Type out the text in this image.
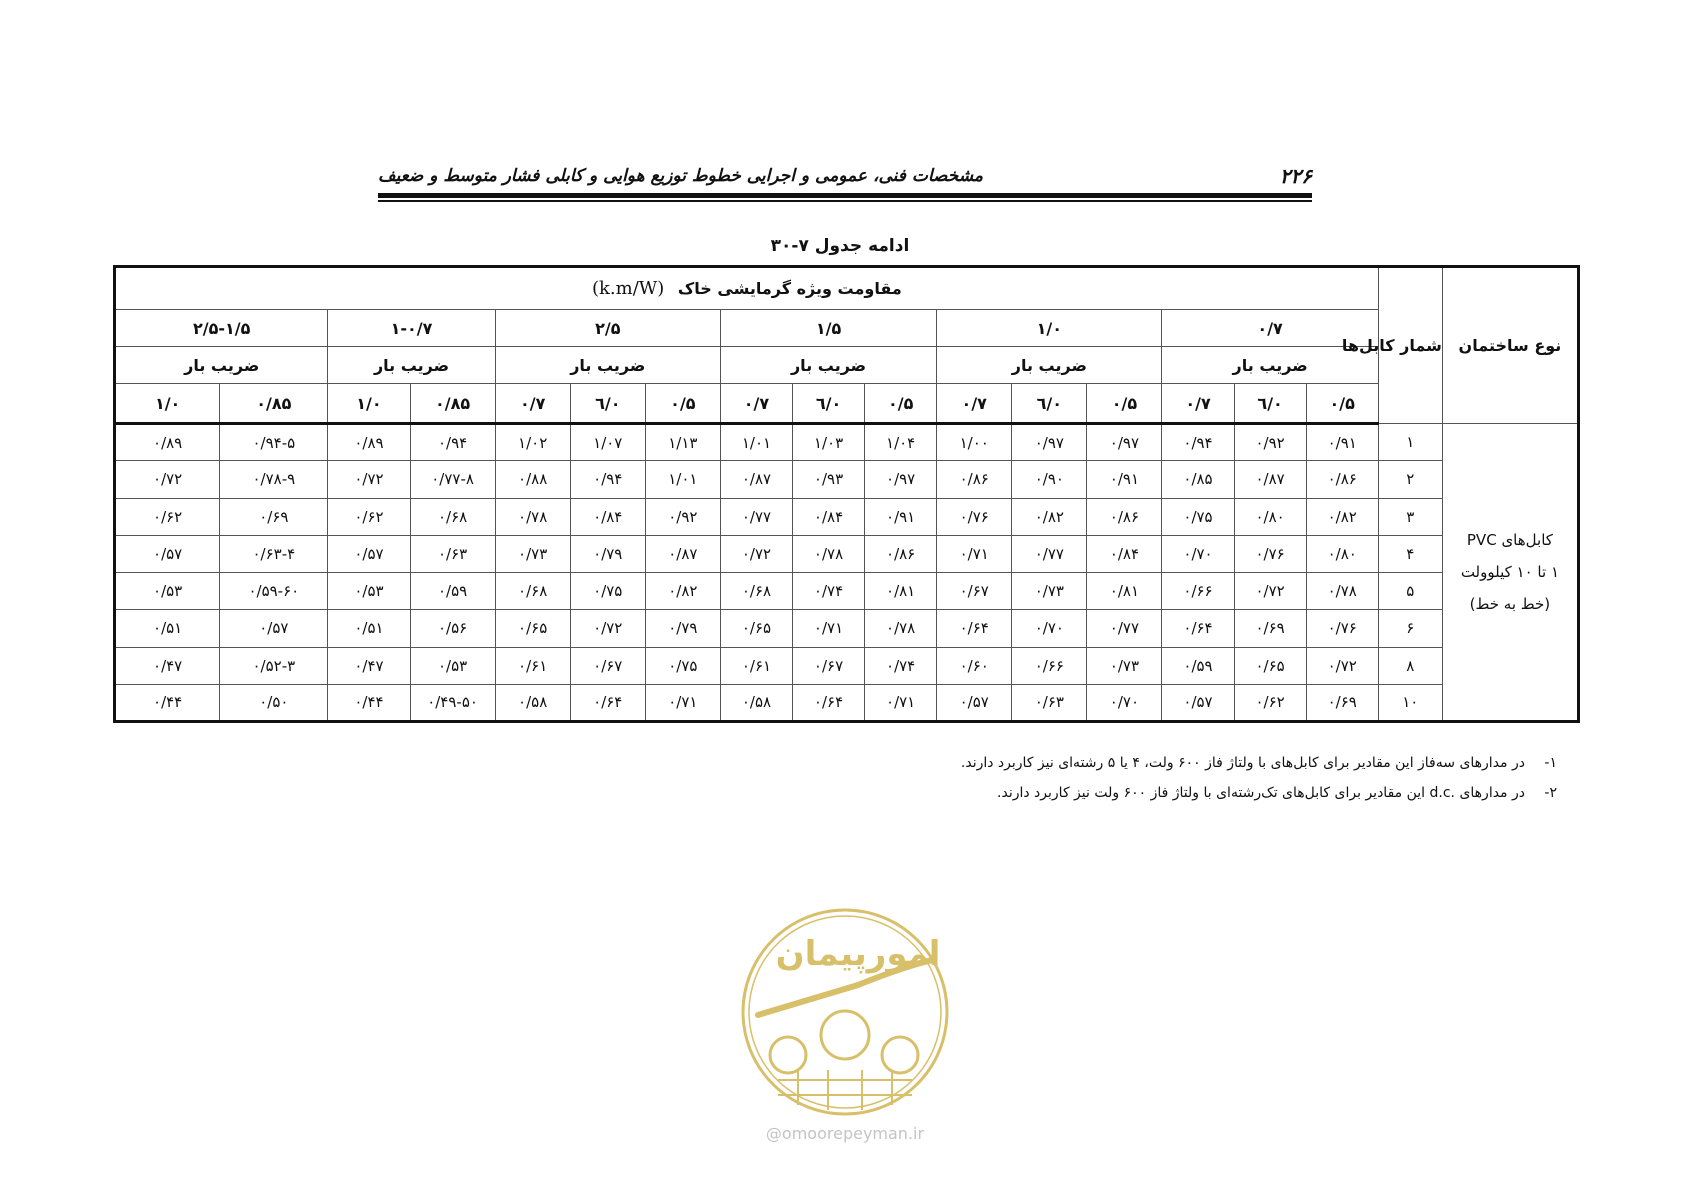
۲۲۶
مشخصات فنی، عمومی و اجرایی خطوط توزیع هوایی و کابلی فشار متوسط و ضعیف
ادامه جدول ۷-۳۰
نوع ساختمان	شمار کابل‌ها	مقاومت ویژه گرمایشی خاک (k.m/W)															
		۰/۷			۱/۰			۱/۵			۲/۵			۱-۰/۷		۲/۵-۱/۵	
		ضریب بار			ضریب بار			ضریب بار			ضریب بار			ضریب بار		ضریب بار	
		۰/۵	۰/٦	۰/۷	۰/۵	۰/٦	۰/۷	۰/۵	۰/٦	۰/۷	۰/۵	۰/٦	۰/۷	۰/۸۵	۱/۰	۰/۸۵	۱/۰

کابل‌های PVC
۱ تا ۱۰ کیلوولت
(خط به خط)	۱	۰/۹۱	۰/۹۲	۰/۹۴	۰/۹۷	۰/۹۷	۱/۰۰	۱/۰۴	۱/۰۳	۱/۰۱	۱/۱۳	۱/۰۷	۱/۰۲	۰/۹۴	۰/۸۹	۰/۹۴-۵	۰/۸۹
	۲	۰/۸۶	۰/۸۷	۰/۸۵	۰/۹۱	۰/۹۰	۰/۸۶	۰/۹۷	۰/۹۳	۰/۸۷	۱/۰۱	۰/۹۴	۰/۸۸	۰/۷۷-۸	۰/۷۲	۰/۷۸-۹	۰/۷۲
	۳	۰/۸۲	۰/۸۰	۰/۷۵	۰/۸۶	۰/۸۲	۰/۷۶	۰/۹۱	۰/۸۴	۰/۷۷	۰/۹۲	۰/۸۴	۰/۷۸	۰/۶۸	۰/۶۲	۰/۶۹	۰/۶۲
	۴	۰/۸۰	۰/۷۶	۰/۷۰	۰/۸۴	۰/۷۷	۰/۷۱	۰/۸۶	۰/۷۸	۰/۷۲	۰/۸۷	۰/۷۹	۰/۷۳	۰/۶۳	۰/۵۷	۰/۶۳-۴	۰/۵۷
	۵	۰/۷۸	۰/۷۲	۰/۶۶	۰/۸۱	۰/۷۳	۰/۶۷	۰/۸۱	۰/۷۴	۰/۶۸	۰/۸۲	۰/۷۵	۰/۶۸	۰/۵۹	۰/۵۳	۰/۵۹-۶۰	۰/۵۳
	۶	۰/۷۶	۰/۶۹	۰/۶۴	۰/۷۷	۰/۷۰	۰/۶۴	۰/۷۸	۰/۷۱	۰/۶۵	۰/۷۹	۰/۷۲	۰/۶۵	۰/۵۶	۰/۵۱	۰/۵۷	۰/۵۱
	۸	۰/۷۲	۰/۶۵	۰/۵۹	۰/۷۳	۰/۶۶	۰/۶۰	۰/۷۴	۰/۶۷	۰/۶۱	۰/۷۵	۰/۶۷	۰/۶۱	۰/۵۳	۰/۴۷	۰/۵۲-۳	۰/۴۷
	۱۰	۰/۶۹	۰/۶۲	۰/۵۷	۰/۷۰	۰/۶۳	۰/۵۷	۰/۷۱	۰/۶۴	۰/۵۸	۰/۷۱	۰/۶۴	۰/۵۸	۰/۴۹-۵۰	۰/۴۴	۰/۵۰	۰/۴۴
۱-
در مدارهای سه‌فاز این مقادیر برای کابل‌های با ولتاژ فاز ۶۰۰ ولت، ۴ یا ۵ رشته‌ای نیز کاربرد دارند.
۲-
در مدارهای .d.c این مقادیر برای کابل‌های تک‌رشته‌ای با ولتاژ فاز ۶۰۰ ولت نیز کاربرد دارند.
امورپیمان
@omoorepeyman.ir
